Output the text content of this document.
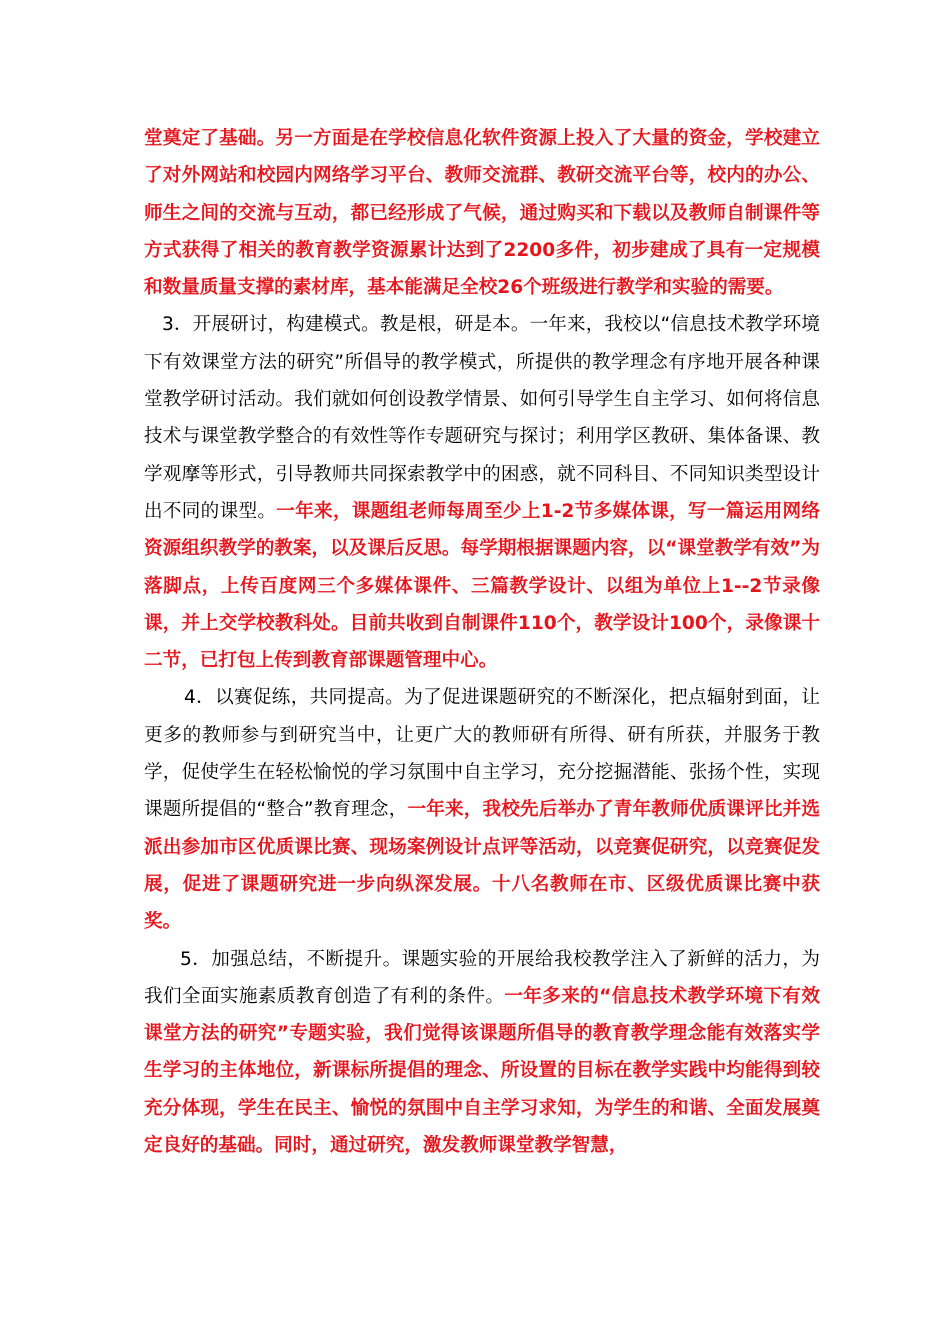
堂奠定了基础。另一方面是在学校信息化软件资源上投入了大量的资金，学校建立了对外网站和校园内网络学习平台、教师交流群、教研交流平台等，校内的办公、师生之间的交流与互动，都已经形成了气候，通过购买和下载以及教师自制课件等方式获得了相关的教育教学资源累计达到了2200多件，初步建成了具有一定规模和数量质量支撑的素材库，基本能满足全校26个班级进行教学和实验的需要。

3．开展研讨，构建模式。教是根，研是本。一年来，我校以“信息技术教学环境下有效课堂方法的研究”所倡导的教学模式，所提供的教学理念有序地开展各种课堂教学研讨活动。我们就如何创设教学情景、如何引导学生自主学习、如何将信息技术与课堂教学整合的有效性等作专题研究与探讨；利用学区教研、集体备课、教学观摩等形式，引导教师共同探索教学中的困惑，就不同科目、不同知识类型设计出不同的课型。一年来，课题组老师每周至少上1-2节多媒体课，写一篇运用网络资源组织教学的教案，以及课后反思。每学期根据课题内容，以“课堂教学有效”为落脚点，上传百度网三个多媒体课件、三篇教学设计、以组为单位上1--2节录像课，并上交学校教科处。目前共收到自制课件110个，教学设计100个，录像课十二节，已打包上传到教育部课题管理中心。

4．以赛促练，共同提高。为了促进课题研究的不断深化，把点辐射到面，让更多的教师参与到研究当中，让更广大的教师研有所得、研有所获，并服务于教学，促使学生在轻松愉悦的学习氛围中自主学习，充分挖掘潜能、张扬个性，实现课题所提倡的“整合”教育理念，一年来，我校先后举办了青年教师优质课评比并选派出参加市区优质课比赛、现场案例设计点评等活动，以竞赛促研究，以竞赛促发展，促进了课题研究进一步向纵深发展。十八名教师在市、区级优质课比赛中获奖。

5．加强总结，不断提升。课题实验的开展给我校教学注入了新鲜的活力，为我们全面实施素质教育创造了有利的条件。一年多来的“信息技术教学环境下有效课堂方法的研究”专题实验，我们觉得该课题所倡导的教育教学理念能有效落实学生学习的主体地位，新课标所提倡的理念、所设置的目标在教学实践中均能得到较充分体现，学生在民主、愉悦的氛围中自主学习求知，为学生的和谐、全面发展奠定良好的基础。同时，通过研究，激发教师课堂教学智慧，
